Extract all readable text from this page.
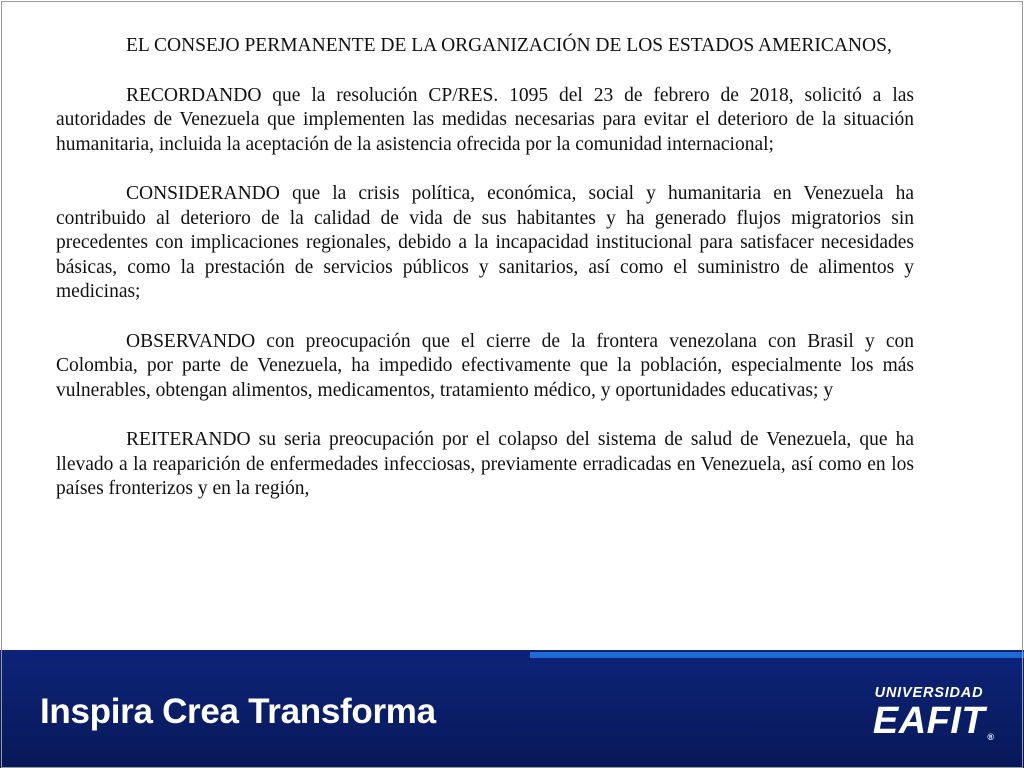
EL CONSEJO PERMANENTE DE LA ORGANIZACIÓN DE LOS ESTADOS AMERICANOS,

RECORDANDO que la resolución CP/RES. 1095 del 23 de febrero de 2018, solicitó a las autoridades de Venezuela que implementen las medidas necesarias para evitar el deterioro de la situación humanitaria, incluida la aceptación de la asistencia ofrecida por la comunidad internacional;

CONSIDERANDO que la crisis política, económica, social y humanitaria en Venezuela ha contribuido al deterioro de la calidad de vida de sus habitantes y ha generado flujos migratorios sin precedentes con implicaciones regionales, debido a la incapacidad institucional para satisfacer necesidades básicas, como la prestación de servicios públicos y sanitarios, así como el suministro de alimentos y medicinas;

OBSERVANDO con preocupación que el cierre de la frontera venezolana con Brasil y con Colombia, por parte de Venezuela, ha impedido efectivamente que la población, especialmente los más vulnerables, obtengan alimentos, medicamentos, tratamiento médico, y oportunidades educativas; y

REITERANDO su seria preocupación por el colapso del sistema de salud de Venezuela, que ha llevado a la reaparición de enfermedades infecciosas, previamente erradicadas en Venezuela, así como en los países fronterizos y en la región,

Inspira Crea Transforma	UNIVERSIDAD
EAFIT ®
